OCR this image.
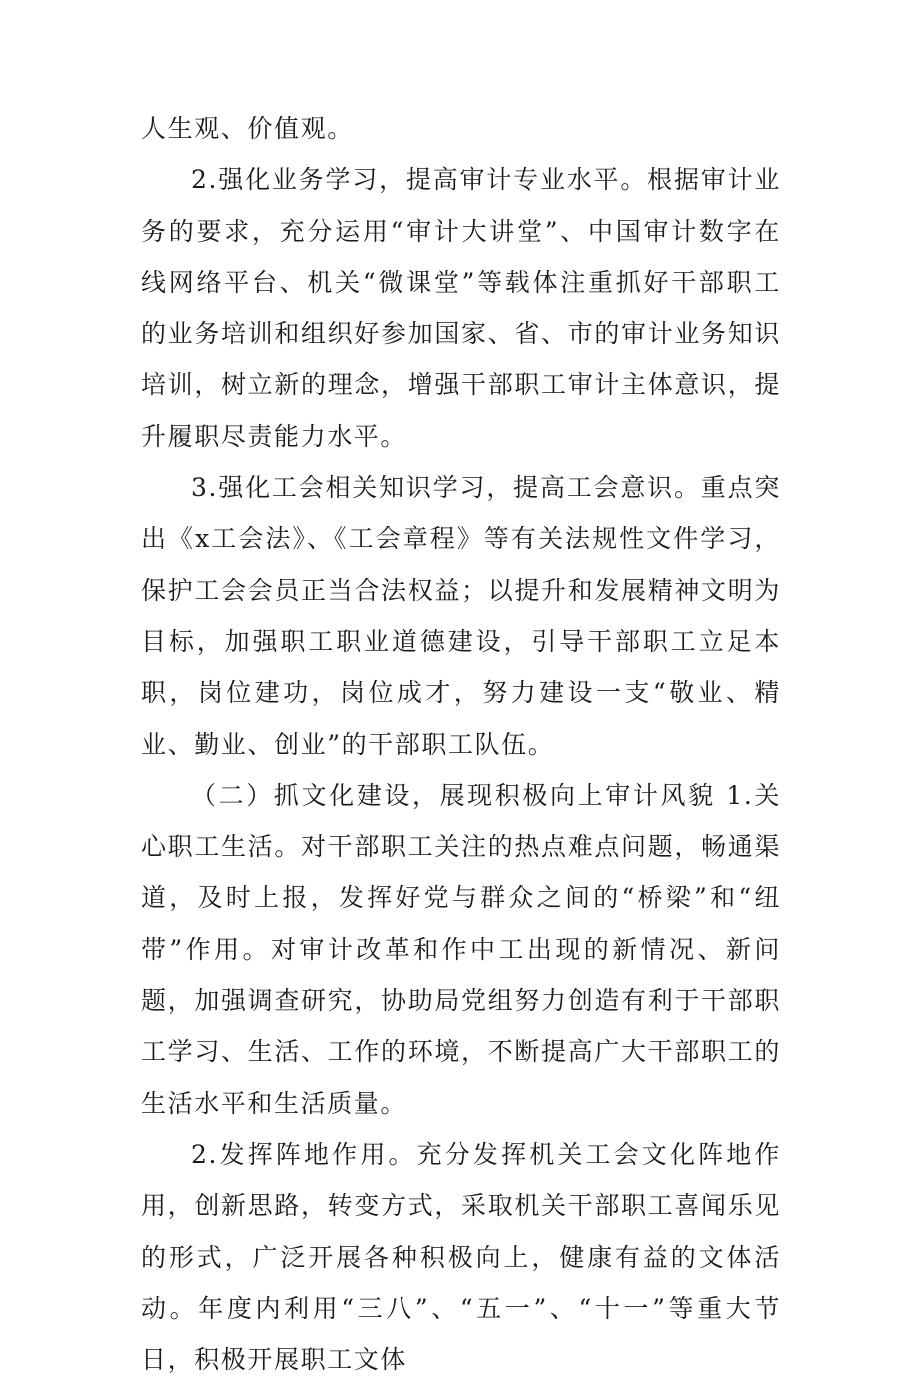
人生观、价值观。

2.强化业务学习，提高审计专业水平。根据审计业务的要求，充分运用“审计大讲堂”、中国审计数字在线网络平台、机关“微课堂”等载体注重抓好干部职工的业务培训和组织好参加国家、省、市的审计业务知识培训，树立新的理念，增强干部职工审计主体意识，提升履职尽责能力水平。

3.强化工会相关知识学习，提高工会意识。重点突出《x工会法》、《工会章程》等有关法规性文件学习，保护工会会员正当合法权益；以提升和发展精神文明为目标，加强职工职业道德建设，引导干部职工立足本职，岗位建功，岗位成才，努力建设一支“敬业、精业、勤业、创业”的干部职工队伍。

（二）抓文化建设，展现积极向上审计风貌 1.关心职工生活。对干部职工关注的热点难点问题，畅通渠道，及时上报，发挥好党与群众之间的“桥梁”和“纽带”作用。对审计改革和作中工出现的新情况、新问题，加强调查研究，协助局党组努力创造有利于干部职工学习、生活、工作的环境，不断提高广大干部职工的生活水平和生活质量。

2.发挥阵地作用。充分发挥机关工会文化阵地作用，创新思路，转变方式，采取机关干部职工喜闻乐见的形式，广泛开展各种积极向上，健康有益的文体活动。年度内利用“三八”、“五一”、“十一”等重大节日，积极开展职工文体
